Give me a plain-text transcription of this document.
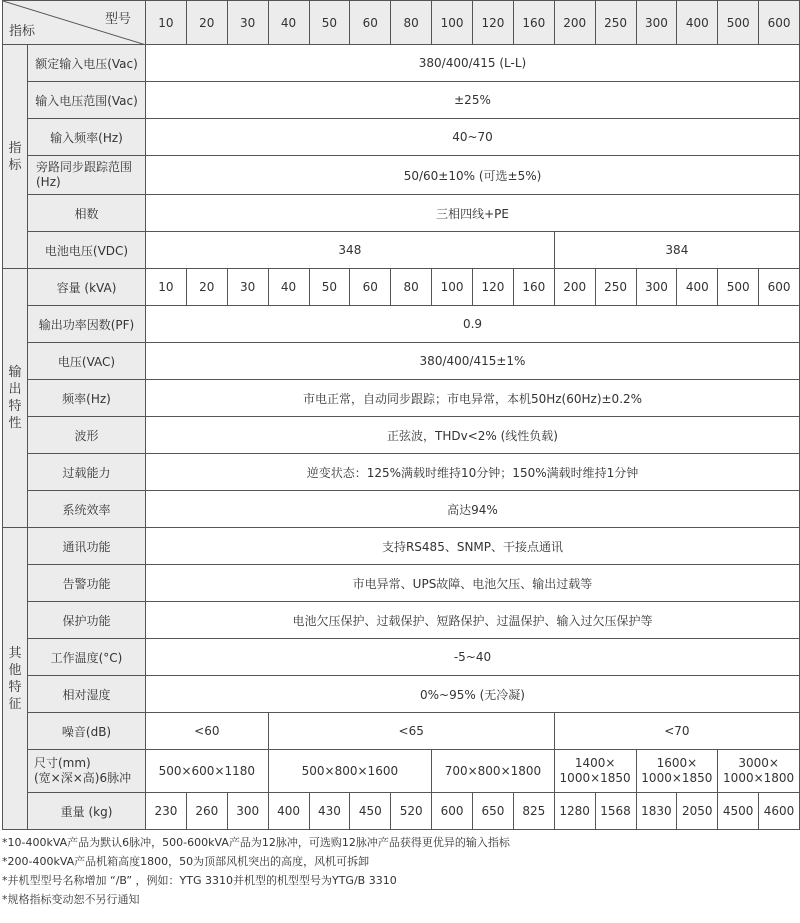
型号
指标		10	20	30	40	50	60	80	100	120	160	200	250	300	400	500	600
指 标	额定输入电压(Vac)	380/400/415 (L-L)															
	输入电压范围(Vac)	±25%															
	输入频率(Hz)	40~70															
	旁路同步跟踪范围(Hz)	50/60±10% (可选±5%)															
	相数	三相四线+PE															
	电池电压(VDC)	348										384					
输 出 特 性	容量 (kVA)	10	20	30	40	50	60	80	100	120	160	200	250	300	400	500	600
	输出功率因数(PF)	0.9															
	电压(VAC)	380/400/415±1%															
	频率(Hz)	市电正常，自动同步跟踪；市电异常，本机50Hz(60Hz)±0.2%															
	波形	正弦波，THDv<2% (线性负载)															
	过载能力	逆变状态：125%满载时维持10分钟；150%满载时维持1分钟															
	系统效率	高达94%															
其 他 特 征	通讯功能	支持RS485、SNMP、干接点通讯															
	告警功能	市电异常、UPS故障、电池欠压、输出过载等															
	保护功能	电池欠压保护、过载保护、短路保护、过温保护、输入过欠压保护等															
	工作温度(°C)	-5~40															
	相对湿度	0%~95% (无冷凝)															
	噪音(dB)	<60			<65							<70					
	尺寸(mm)
(宽×深×高)6脉冲	500×600×1180			500×800×1600				700×800×1800			1400×
1000×1850		1600×
1000×1850		3000×
1000×1800	
	重量 (kg)	230	260	300	400	430	450	520	600	650	825	1280	1568	1830	2050	4500	4600
*10-400kVA产品为默认6脉冲，500-600kVA产品为12脉冲，可选购12脉冲产品获得更优异的输入指标
*200-400kVA产品机箱高度1800，50为顶部风机突出的高度，风机可拆卸
*并机型型号名称增加 “/B” ，例如：YTG 3310并机型的机型型号为YTG/B 3310
*规格指标变动恕不另行通知
